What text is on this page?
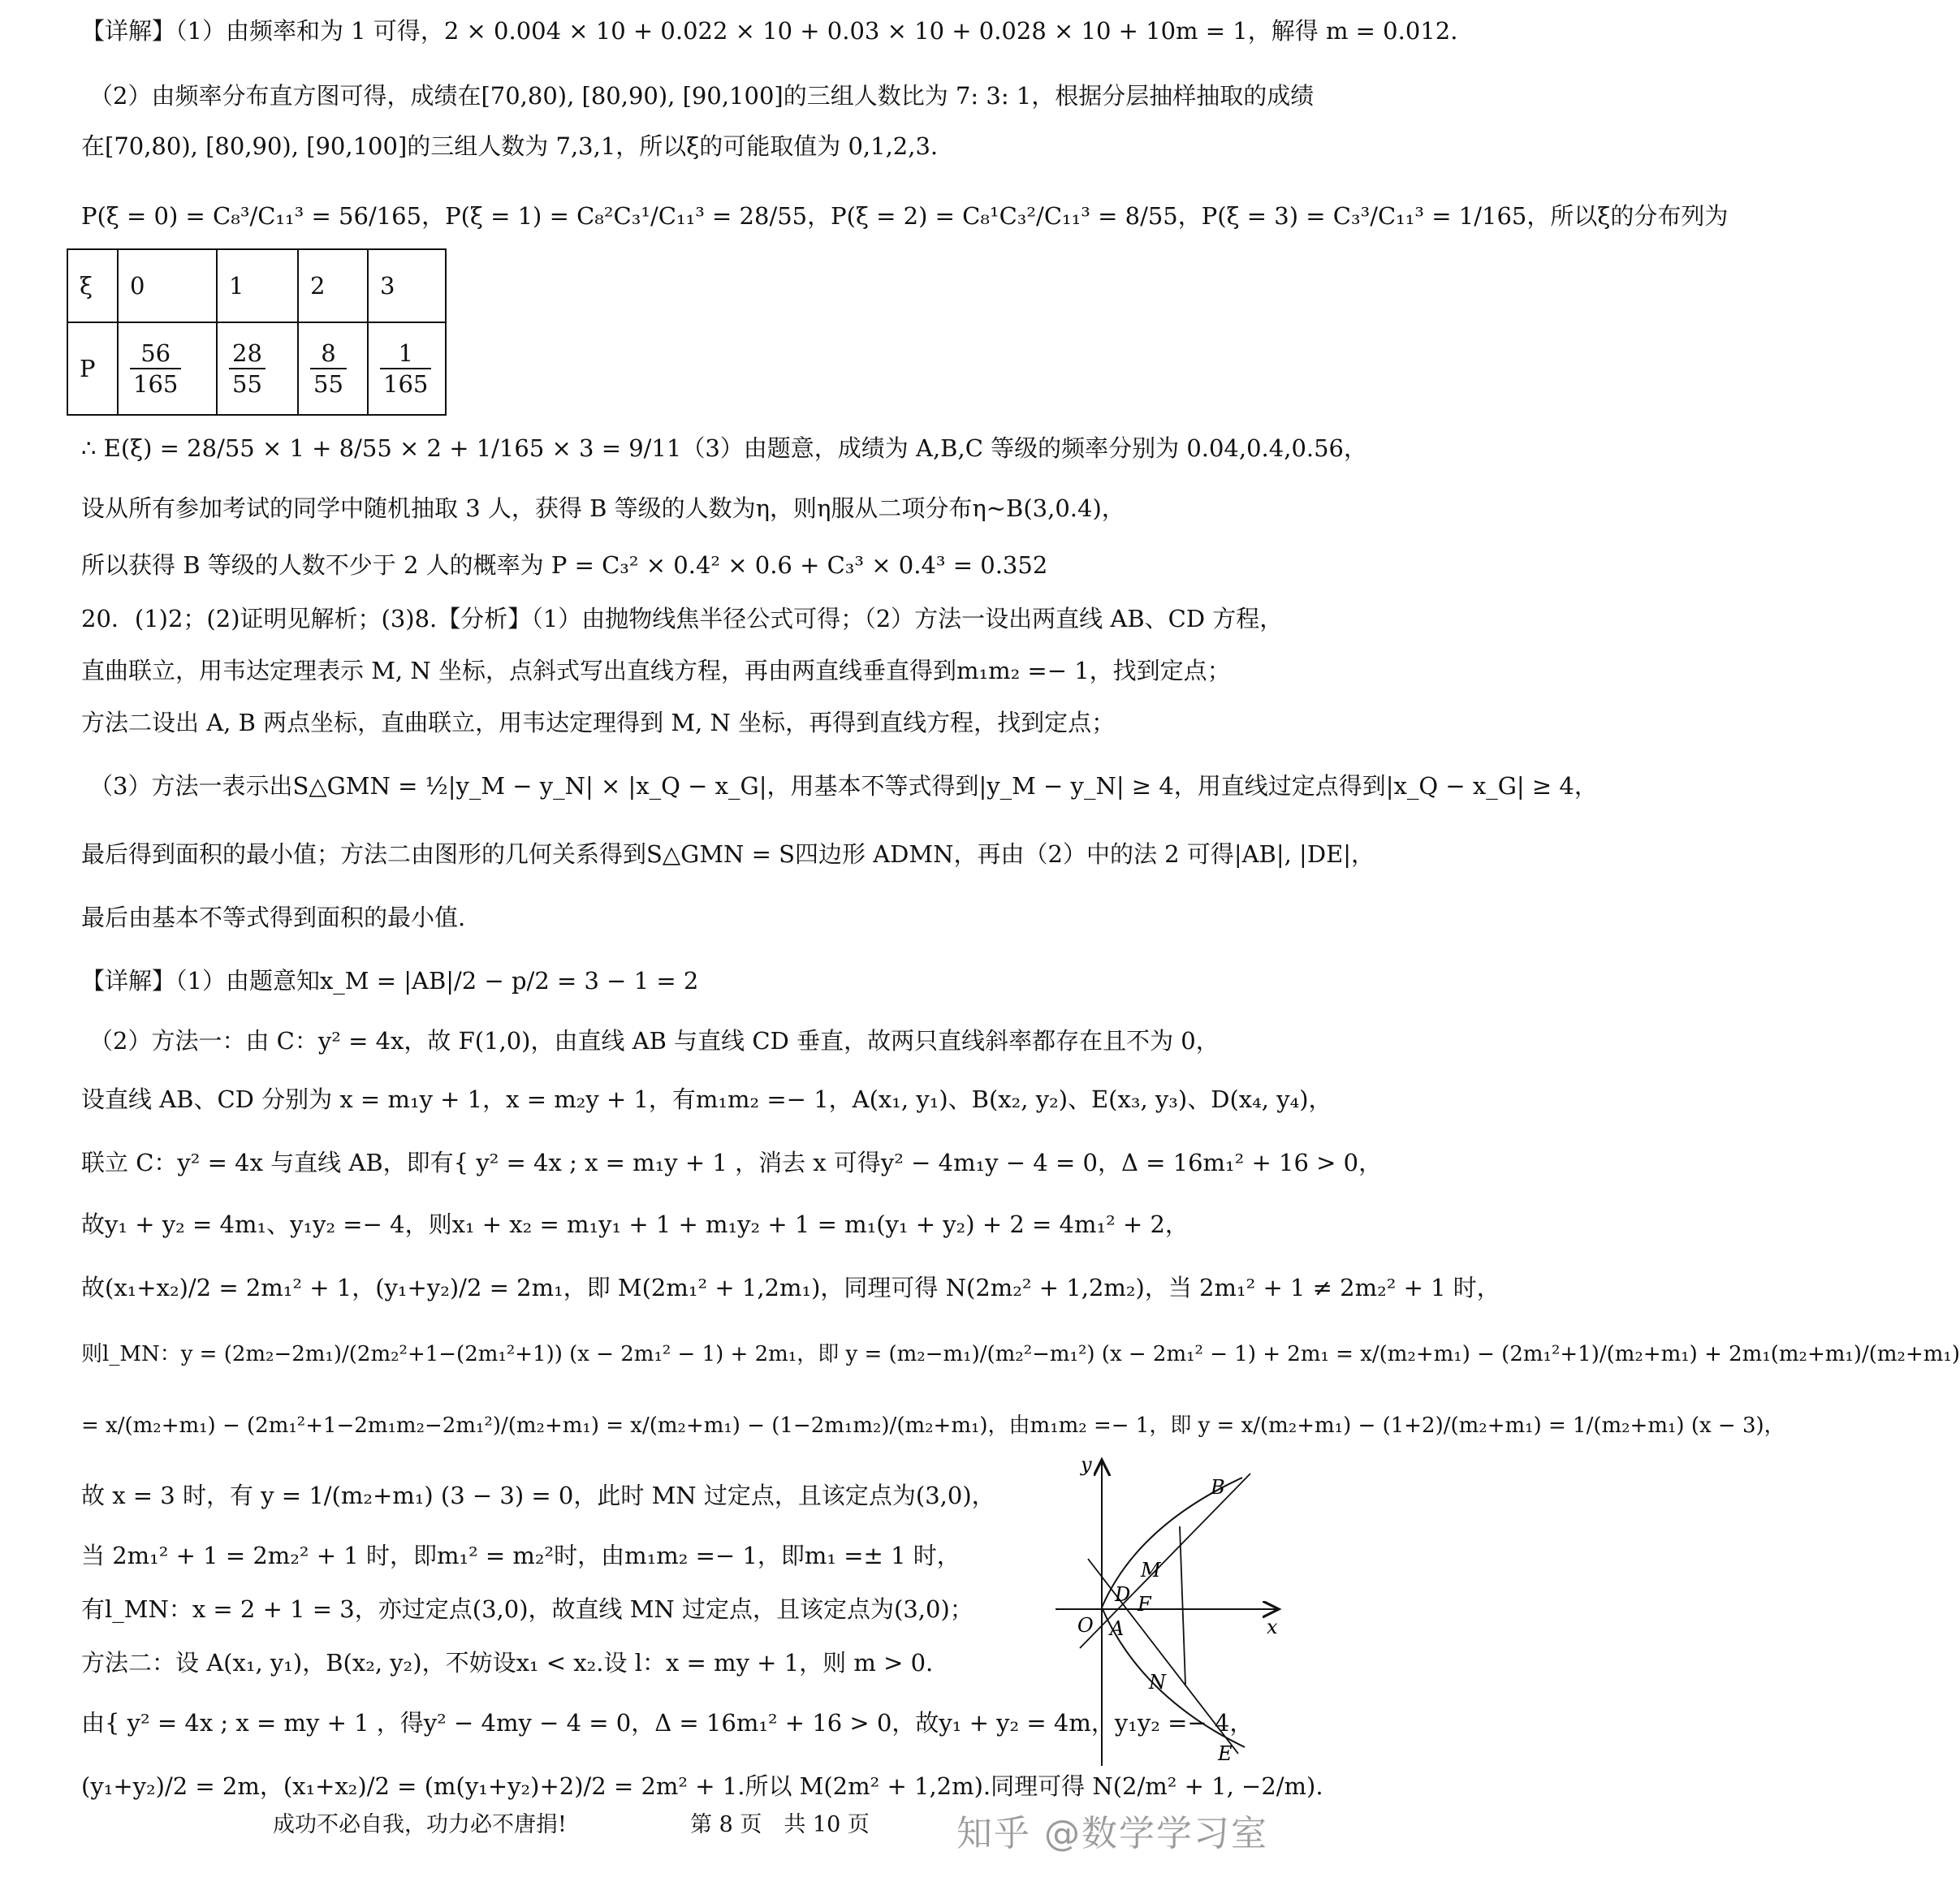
【详解】（1）由频率和为 1 可得，2 × 0.004 × 10 + 0.022 × 10 + 0.03 × 10 + 0.028 × 10 + 10m = 1，解得 m = 0.012.
（2）由频率分布直方图可得，成绩在[70,80), [80,90), [90,100]的三组人数比为 7: 3: 1，根据分层抽样抽取的成绩
在[70,80), [80,90), [90,100]的三组人数为 7,3,1，所以ξ的可能取值为 0,1,2,3.
P(ξ = 0) = C₈³/C₁₁³ = 56/165，P(ξ = 1) = C₈²C₃¹/C₁₁³ = 28/55，P(ξ = 2) = C₈¹C₃²/C₁₁³ = 8/55，P(ξ = 3) = C₃³/C₁₁³ = 1/165，所以ξ的分布列为
ξ	0	1	2	3
P	$\frac{56}{165}$	$\frac{28}{55}$	$\frac{8}{55}$	$\frac{1}{165}$
∴ E(ξ) = 28/55 × 1 + 8/55 × 2 + 1/165 × 3 = 9/11（3）由题意，成绩为 A,B,C 等级的频率分别为 0.04,0.4,0.56，
设从所有参加考试的同学中随机抽取 3 人，获得 B 等级的人数为η，则η服从二项分布η~B(3,0.4)，
所以获得 B 等级的人数不少于 2 人的概率为 P = C₃² × 0.4² × 0.6 + C₃³ × 0.4³ = 0.352
20．(1)2；(2)证明见解析；(3)8.【分析】（1）由抛物线焦半径公式可得；（2）方法一设出两直线 AB、CD 方程，
直曲联立，用韦达定理表示 M, N 坐标，点斜式写出直线方程，再由两直线垂直得到m₁m₂ =− 1，找到定点；
方法二设出 A, B 两点坐标，直曲联立，用韦达定理得到 M, N 坐标，再得到直线方程，找到定点；
（3）方法一表示出S△GMN = ½|y_M − y_N| × |x_Q − x_G|，用基本不等式得到|y_M − y_N| ≥ 4，用直线过定点得到|x_Q − x_G| ≥ 4，
最后得到面积的最小值；方法二由图形的几何关系得到S△GMN = S四边形 ADMN，再由（2）中的法 2 可得|AB|, |DE|，
最后由基本不等式得到面积的最小值.
【详解】（1）由题意知x_M = |AB|/2 − p/2 = 3 − 1 = 2
（2）方法一：由 C：y² = 4x，故 F(1,0)，由直线 AB 与直线 CD 垂直，故两只直线斜率都存在且不为 0，
设直线 AB、CD 分别为 x = m₁y + 1，x = m₂y + 1，有m₁m₂ =− 1，A(x₁, y₁)、B(x₂, y₂)、E(x₃, y₃)、D(x₄, y₄)，
联立 C：y² = 4x 与直线 AB，即有{ y² = 4x ; x = m₁y + 1 ，消去 x 可得y² − 4m₁y − 4 = 0，Δ = 16m₁² + 16 > 0，
故y₁ + y₂ = 4m₁、y₁y₂ =− 4，则x₁ + x₂ = m₁y₁ + 1 + m₁y₂ + 1 = m₁(y₁ + y₂) + 2 = 4m₁² + 2，
故(x₁+x₂)/2 = 2m₁² + 1，(y₁+y₂)/2 = 2m₁，即 M(2m₁² + 1,2m₁)，同理可得 N(2m₂² + 1,2m₂)，当 2m₁² + 1 ≠ 2m₂² + 1 时，
则l_MN：y = (2m₂−2m₁)/(2m₂²+1−(2m₁²+1)) (x − 2m₁² − 1) + 2m₁，即 y = (m₂−m₁)/(m₂²−m₁²) (x − 2m₁² − 1) + 2m₁ = x/(m₂+m₁) − (2m₁²+1)/(m₂+m₁) + 2m₁(m₂+m₁)/(m₂+m₁)
= x/(m₂+m₁) − (2m₁²+1−2m₁m₂−2m₁²)/(m₂+m₁) = x/(m₂+m₁) − (1−2m₁m₂)/(m₂+m₁)，由m₁m₂ =− 1，即 y = x/(m₂+m₁) − (1+2)/(m₂+m₁) = 1/(m₂+m₁) (x − 3)，
故 x = 3 时，有 y = 1/(m₂+m₁) (3 − 3) = 0，此时 MN 过定点，且该定点为(3,0)，
当 2m₁² + 1 = 2m₂² + 1 时，即m₁² = m₂²时，由m₁m₂ =− 1，即m₁ =± 1 时，
有l_MN：x = 2 + 1 = 3，亦过定点(3,0)，故直线 MN 过定点，且该定点为(3,0)；
方法二：设 A(x₁, y₁)，B(x₂, y₂)，不妨设x₁ < x₂.设 l：x = my + 1，则 m > 0.
由{ y² = 4x ; x = my + 1 ，得y² − 4my − 4 = 0，Δ = 16m₁² + 16 > 0，故y₁ + y₂ = 4m，y₁y₂ =− 4，
(y₁+y₂)/2 = 2m，(x₁+x₂)/2 = (m(y₁+y₂)+2)/2 = 2m² + 1.所以 M(2m² + 1,2m).同理可得 N(2/m² + 1, −2/m).
y
x
O A
B
D
E
F
M
N
成功不必自我，功力必不唐捐!	第 8 页　共 10 页 知乎 @数学学习室
